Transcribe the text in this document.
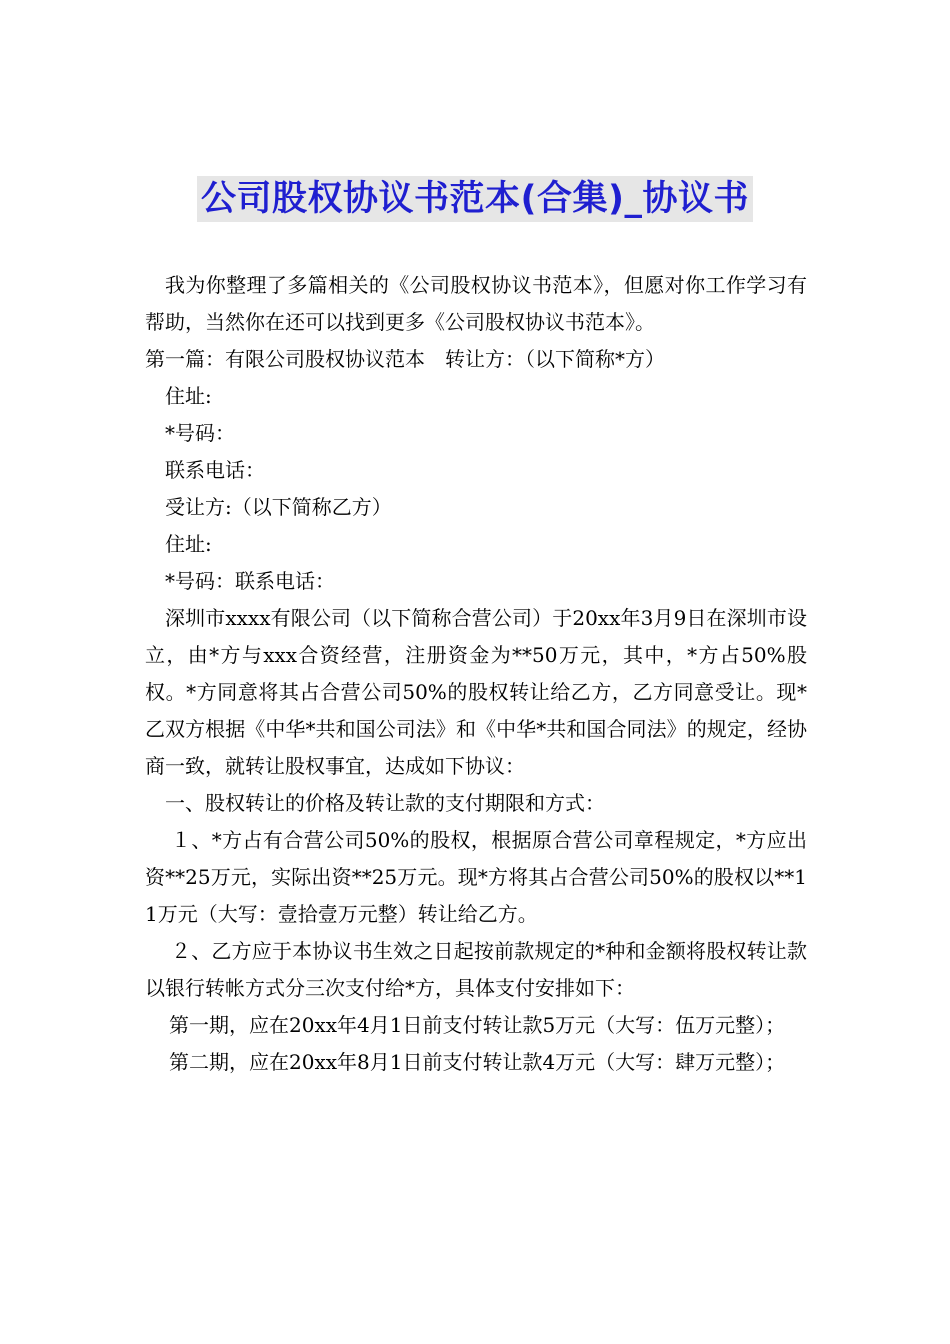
公司股权协议书范本(合集)_协议书

我为你整理了多篇相关的《公司股权协议书范本》，但愿对你工作学习有帮助，当然你在还可以找到更多《公司股权协议书范本》。

第一篇：有限公司股权协议范本　转让方：（以下简称*方）

住址:

*号码：

联系电话：

受让方:（以下简称乙方）

住址:

*号码：联系电话：

深圳市xxxx有限公司（以下简称合营公司）于20xx年3月9日在深圳市设立，由*方与xxx合资经营，注册资金为**50万元，其中，*方占50%股权。*方同意将其占合营公司50%的股权转让给乙方，乙方同意受让。现*乙双方根据《中华*共和国公司法》和《中华*共和国合同法》的规定，经协商一致，就转让股权事宜，达成如下协议：

一、股权转让的价格及转让款的支付期限和方式：

１、*方占有合营公司50%的股权，根据原合营公司章程规定，*方应出资**25万元，实际出资**25万元。现*方将其占合营公司50%的股权以**11万元（大写：壹拾壹万元整）转让给乙方。

２、乙方应于本协议书生效之日起按前款规定的*种和金额将股权转让款以银行转帐方式分三次支付给*方，具体支付安排如下：

第一期，应在20xx年4月1日前支付转让款5万元（大写：伍万元整）；

第二期，应在20xx年8月1日前支付转让款4万元（大写：肆万元整）；
